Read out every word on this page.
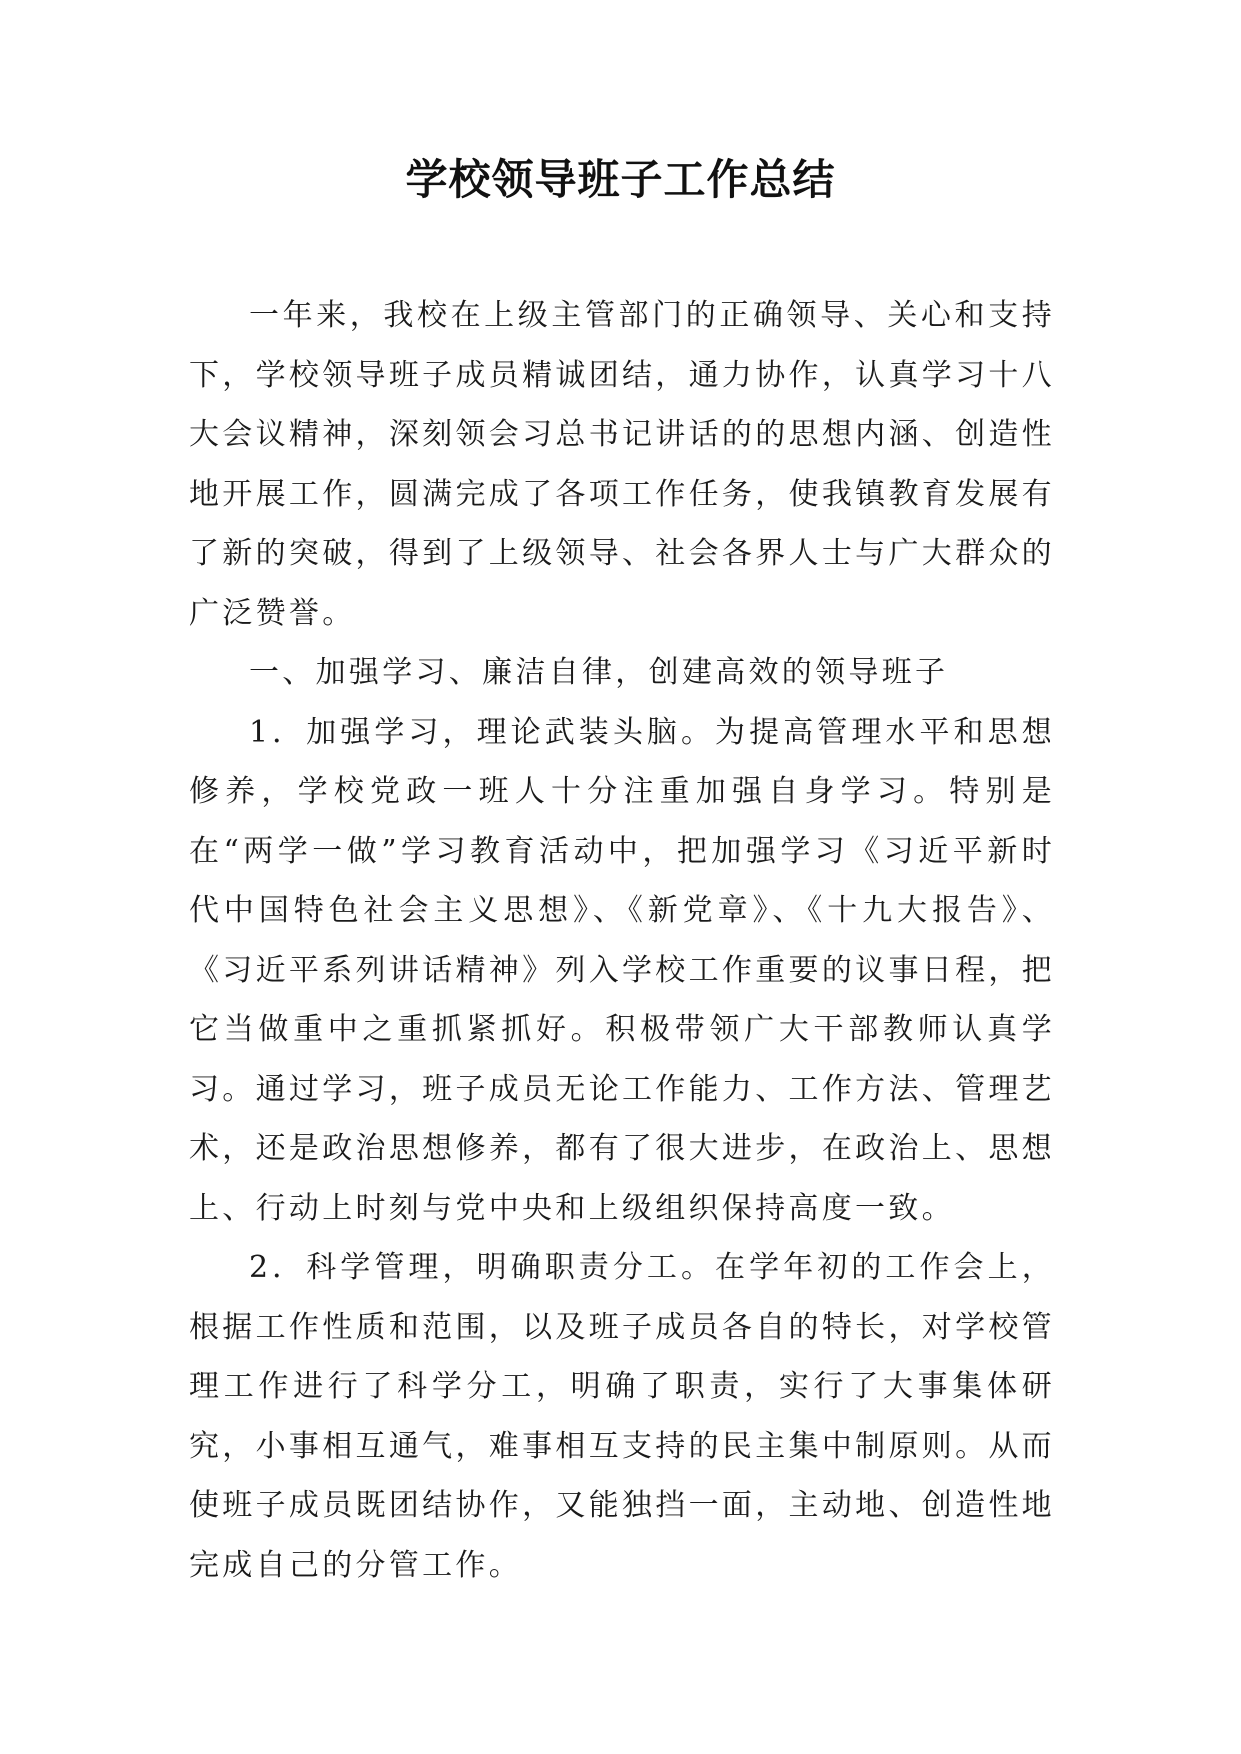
学校领导班子工作总结

一年来，我校在上级主管部门的正确领导、关心和支持下，学校领导班子成员精诚团结，通力协作，认真学习十八大会议精神，深刻领会习总书记讲话的的思想内涵、创造性地开展工作，圆满完成了各项工作任务，使我镇教育发展有了新的突破，得到了上级领导、社会各界人士与广大群众的广泛赞誉。

一、加强学习、廉洁自律，创建高效的领导班子

1．加强学习，理论武装头脑。为提高管理水平和思想修养，学校党政一班人十分注重加强自身学习。特别是在“两学一做”学习教育活动中，把加强学习《习近平新时代中国特色社会主义思想》、《新党章》、《十九大报告》、《习近平系列讲话精神》列入学校工作重要的议事日程，把它当做重中之重抓紧抓好。积极带领广大干部教师认真学习。通过学习，班子成员无论工作能力、工作方法、管理艺术，还是政治思想修养，都有了很大进步，在政治上、思想上、行动上时刻与党中央和上级组织保持高度一致。

2．科学管理，明确职责分工。在学年初的工作会上，根据工作性质和范围，以及班子成员各自的特长，对学校管理工作进行了科学分工，明确了职责，实行了大事集体研究，小事相互通气，难事相互支持的民主集中制原则。从而使班子成员既团结协作，又能独挡一面，主动地、创造性地完成自己的分管工作。
